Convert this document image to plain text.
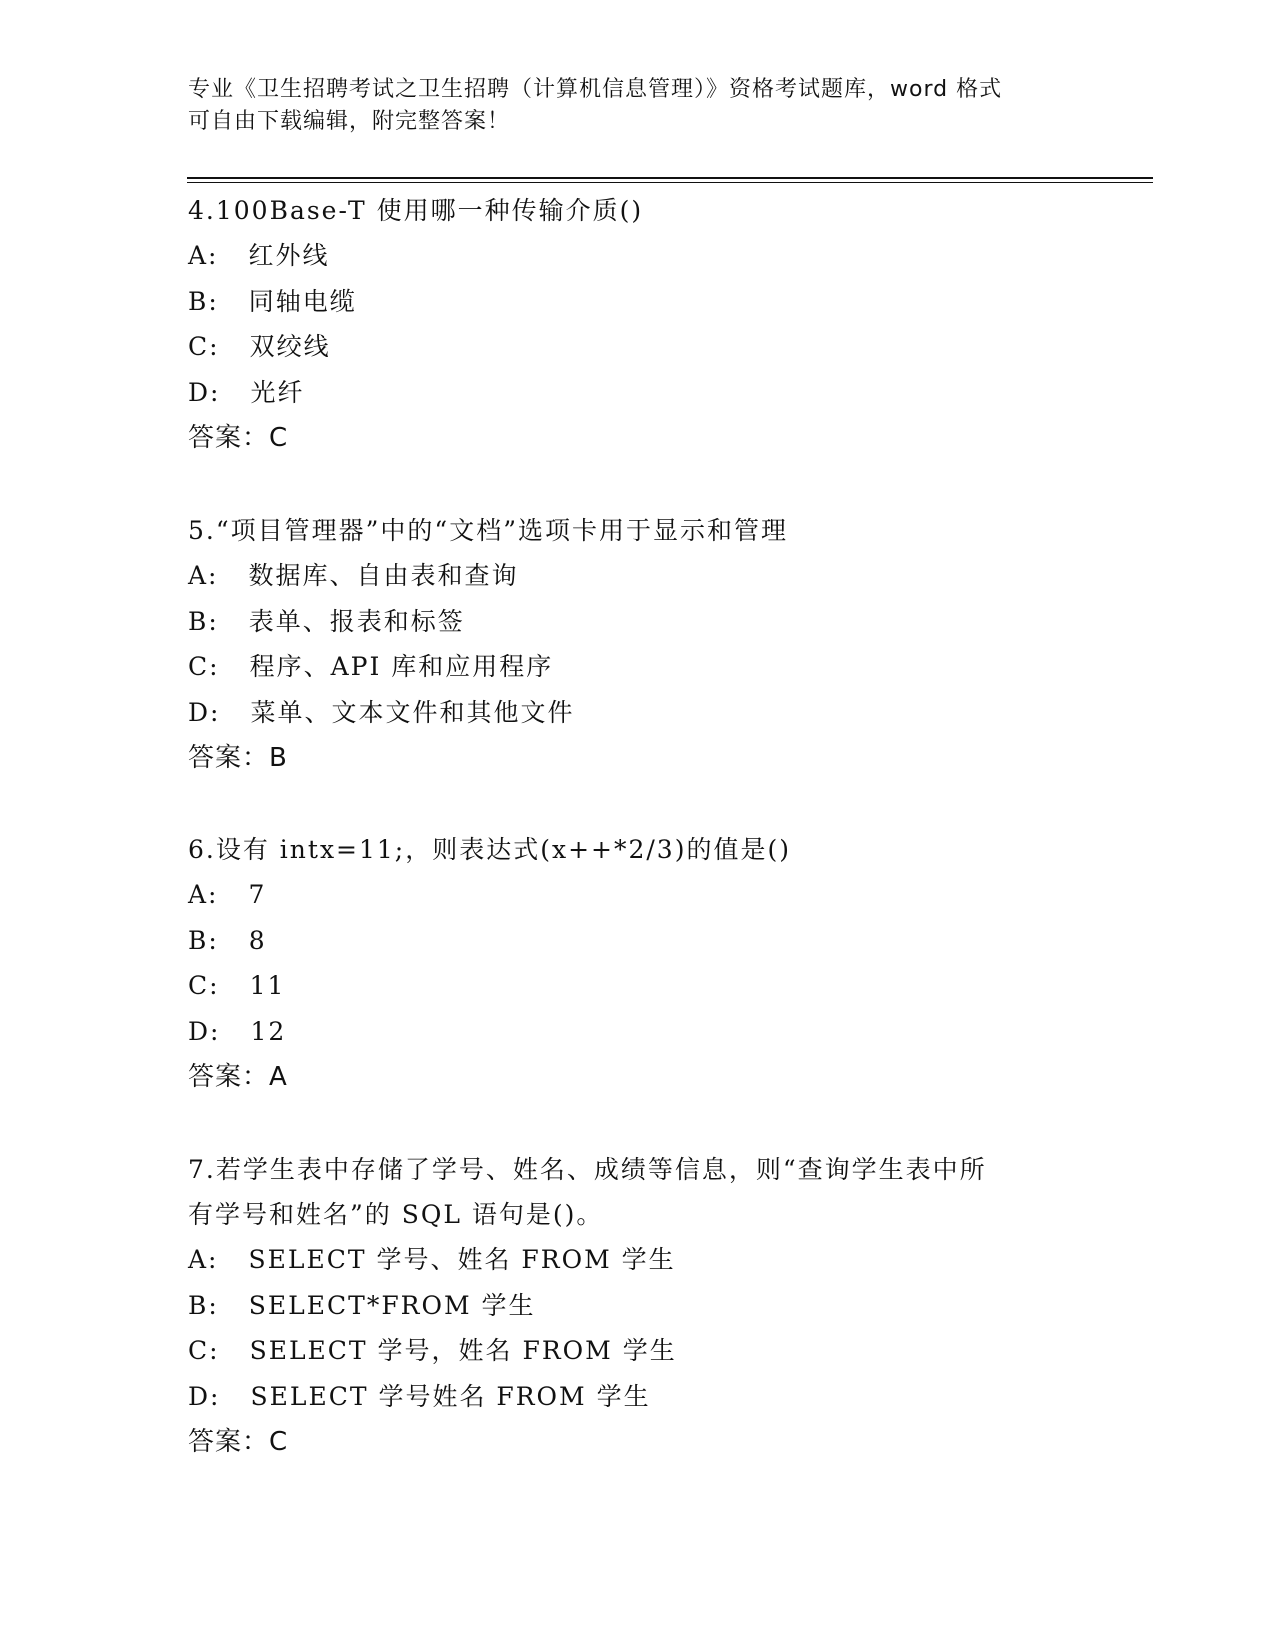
专业《卫生招聘考试之卫生招聘（计算机信息管理）》资格考试题库，word 格式
可自由下载编辑，附完整答案！
4.100Base-T 使用哪一种传输介质()
A: 红外线
B: 同轴电缆
C: 双绞线
D: 光纤
答案：C
5.“项目管理器”中的“文档”选项卡用于显示和管理
A: 数据库、自由表和查询
B: 表单、报表和标签
C: 程序、API 库和应用程序
D: 菜单、文本文件和其他文件
答案：B
6.设有 intx=11;，则表达式(x++*2/3)的值是()
A: 7
B: 8
C: 11
D: 12
答案：A
7.若学生表中存储了学号、姓名、成绩等信息，则“查询学生表中所
有学号和姓名”的 SQL 语句是()。
A: SELECT 学号、姓名 FROM 学生
B: SELECT*FROM 学生
C: SELECT 学号，姓名 FROM 学生
D: SELECT 学号姓名 FROM 学生
答案：C
